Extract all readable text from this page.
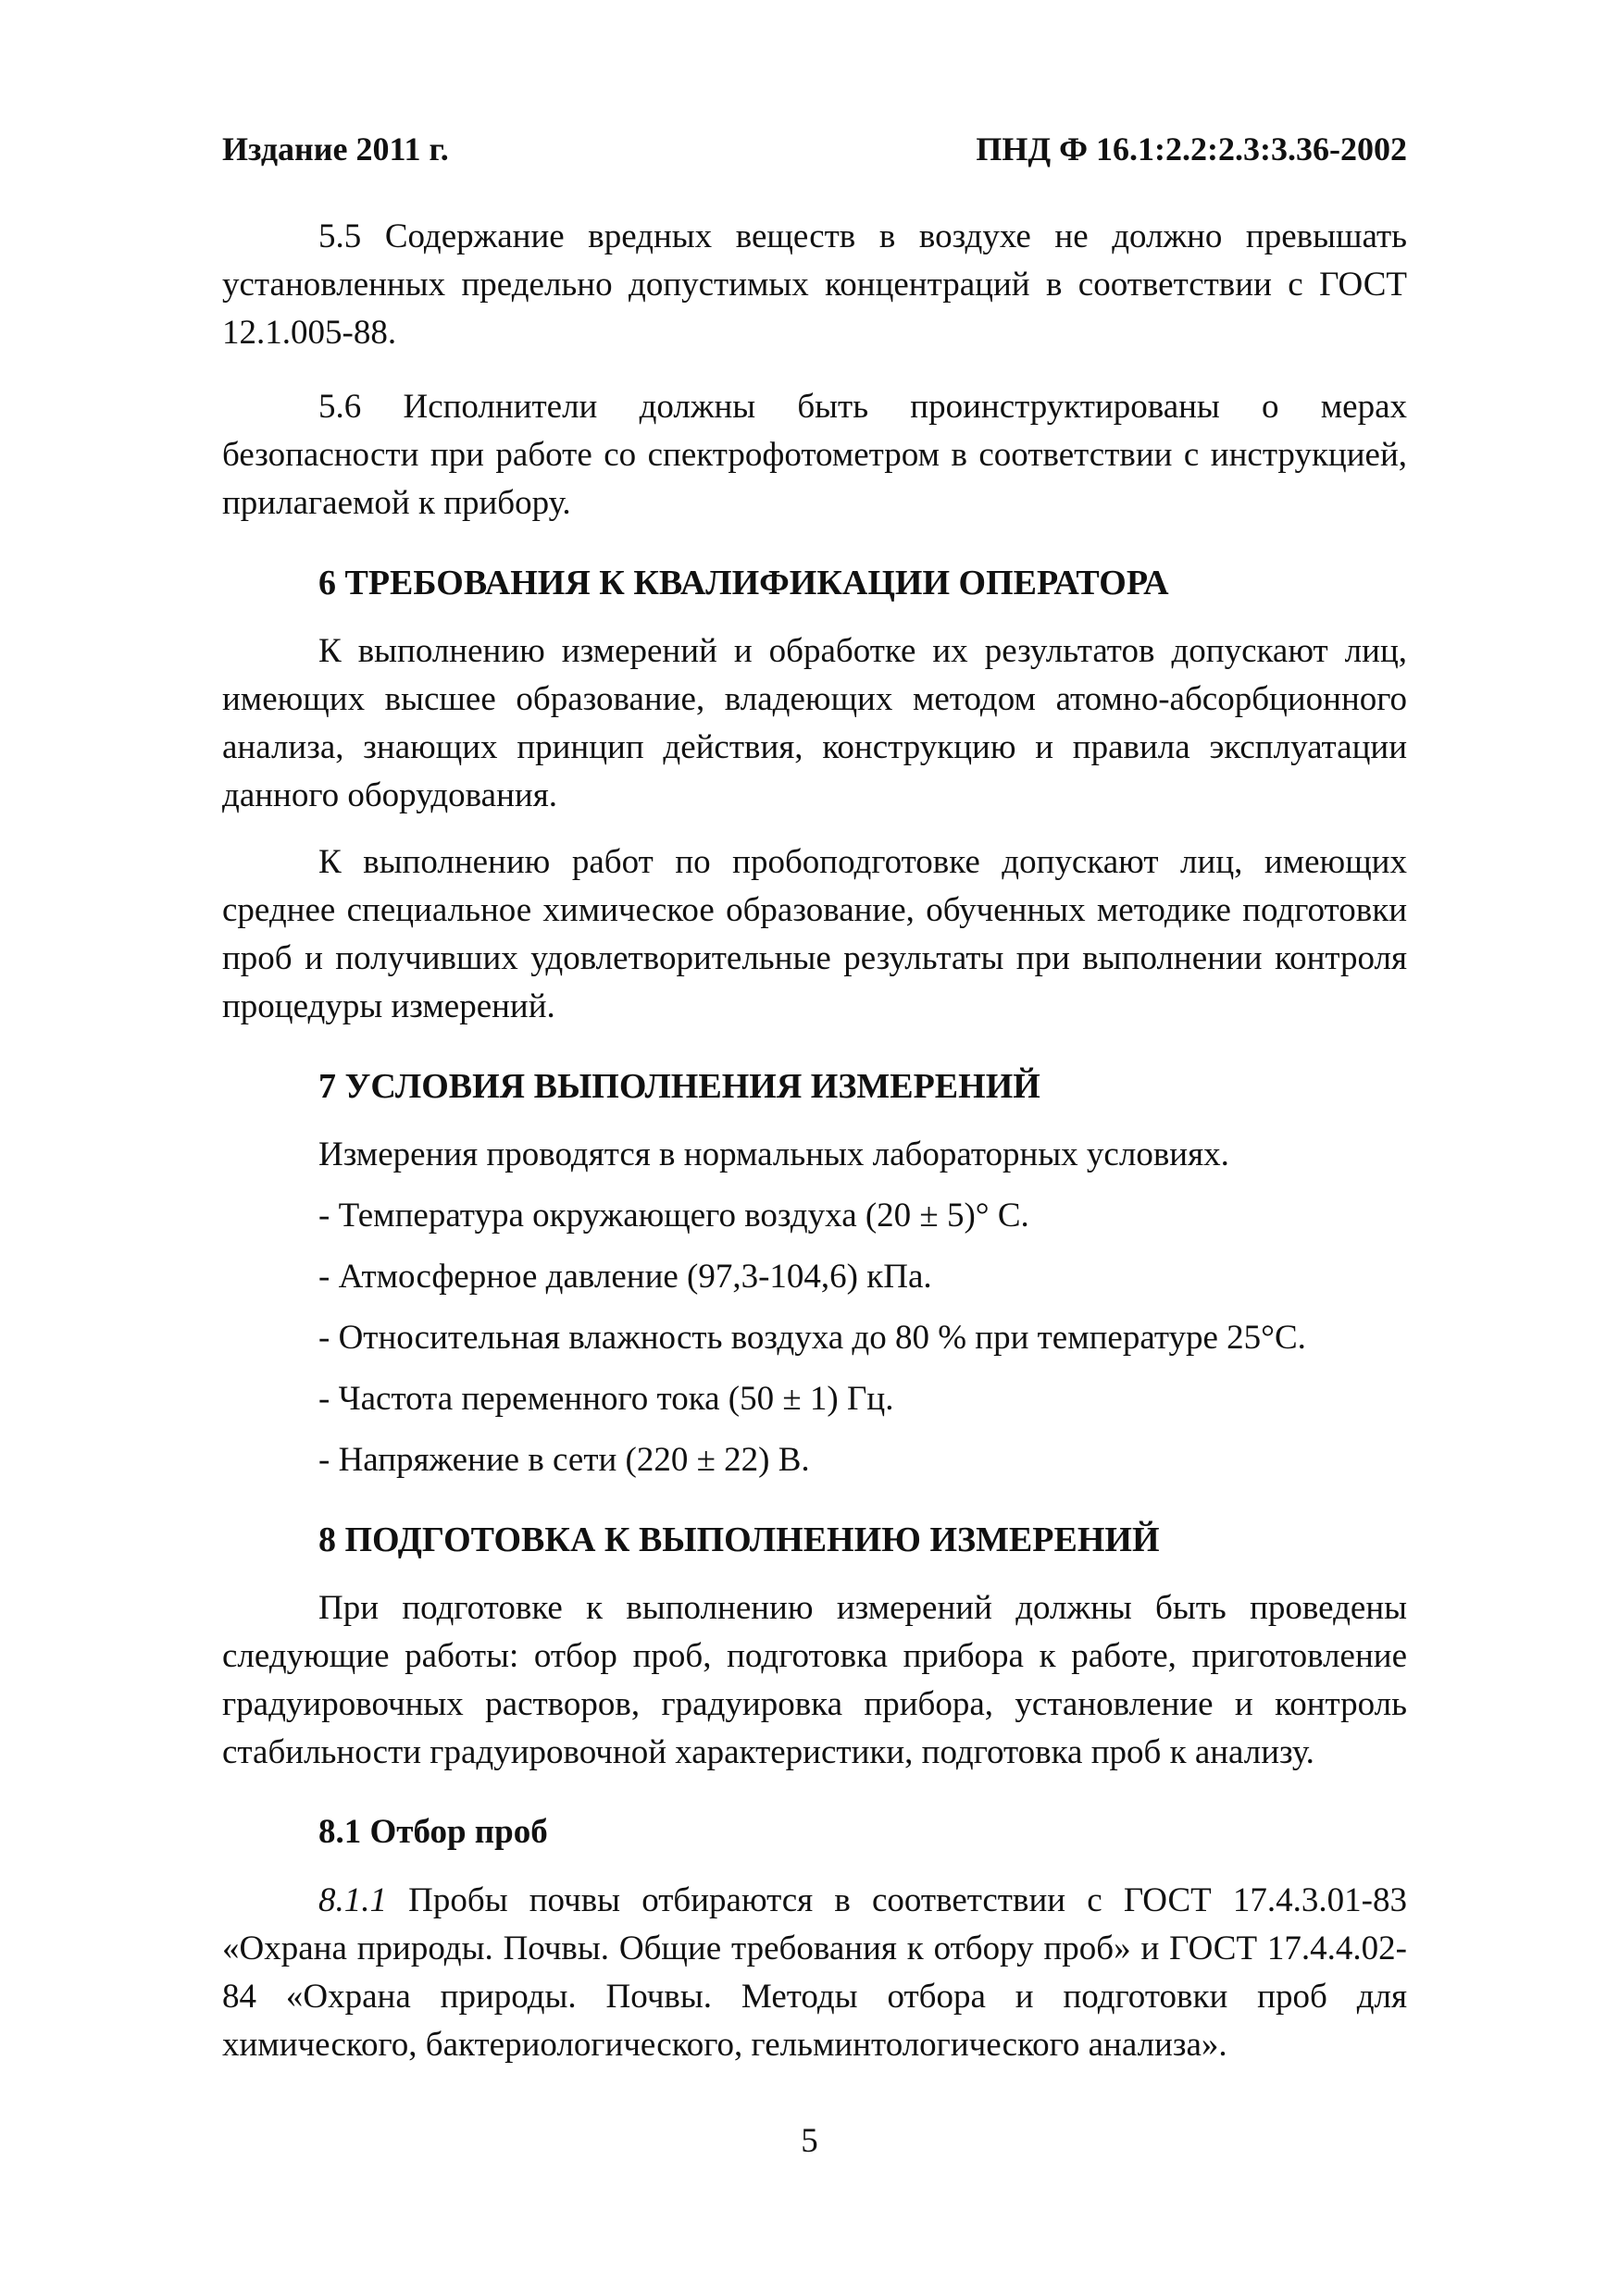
Издание 2011 г.	ПНД Ф 16.1:2.2:2.3:3.36-2002

5.5 Содержание вредных веществ в воздухе не должно превышать установленных предельно допустимых концентраций в соответствии с ГОСТ 12.1.005-88.

5.6 Исполнители должны быть проинструктированы о мерах безопасности при работе со спектрофотометром в соответствии с инструкцией, прилагаемой к прибору.

6 ТРЕБОВАНИЯ К КВАЛИФИКАЦИИ ОПЕРАТОРА

К выполнению измерений и обработке их результатов допускают лиц, имеющих высшее образование, владеющих методом атомно-абсорбционного анализа, знающих принцип действия, конструкцию и правила эксплуатации данного оборудования.

К выполнению работ по пробоподготовке допускают лиц, имеющих среднее специальное химическое образование, обученных методике подготовки проб и получивших удовлетворительные результаты при выполнении контроля процедуры измерений.

7 УСЛОВИЯ ВЫПОЛНЕНИЯ ИЗМЕРЕНИЙ

Измерения проводятся в нормальных лабораторных условиях.

- Температура окружающего воздуха (20 ± 5)° С.

- Атмосферное давление (97,3-104,6) кПа.

- Относительная влажность воздуха до 80 % при температуре 25°С.

- Частота переменного тока (50 ± 1) Гц.

- Напряжение в сети (220 ± 22) В.

8 ПОДГОТОВКА К ВЫПОЛНЕНИЮ ИЗМЕРЕНИЙ

При подготовке к выполнению измерений должны быть проведены следующие работы: отбор проб, подготовка прибора к работе, приготовление градуировочных растворов, градуировка прибора, установление и контроль стабильности градуировочной характеристики, подготовка проб к анализу.

8.1 Отбор проб

8.1.1 Пробы почвы отбираются в соответствии с ГОСТ 17.4.3.01-83 «Охрана природы. Почвы. Общие требования к отбору проб» и ГОСТ 17.4.4.02-84 «Охрана природы. Почвы. Методы отбора и подготовки проб для химического, бактериологического, гельминтологического анализа».

5
